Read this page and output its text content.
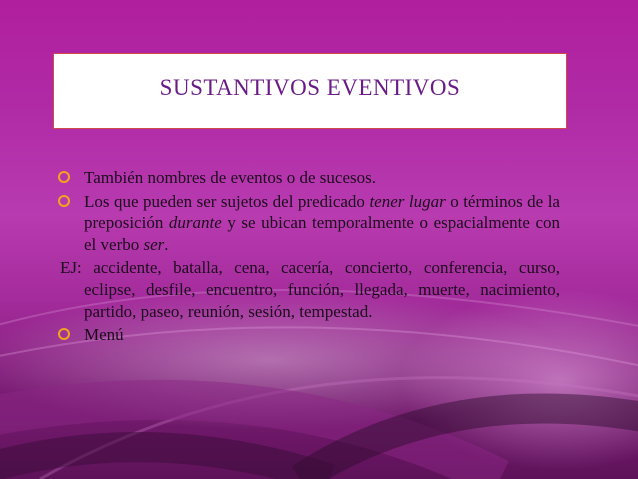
SUSTANTIVOS EVENTIVOS
También nombres de eventos o de sucesos.
Los que pueden ser sujetos del predicado tener lugar o términos de la preposición durante y se ubican temporalmente o espacialmente con el verbo ser.
EJ: accidente, batalla, cena, cacería, concierto, conferencia, curso, eclipse, desfile, encuentro, función, llegada, muerte, nacimiento, partido, paseo, reunión, sesión, tempestad.
Menú
